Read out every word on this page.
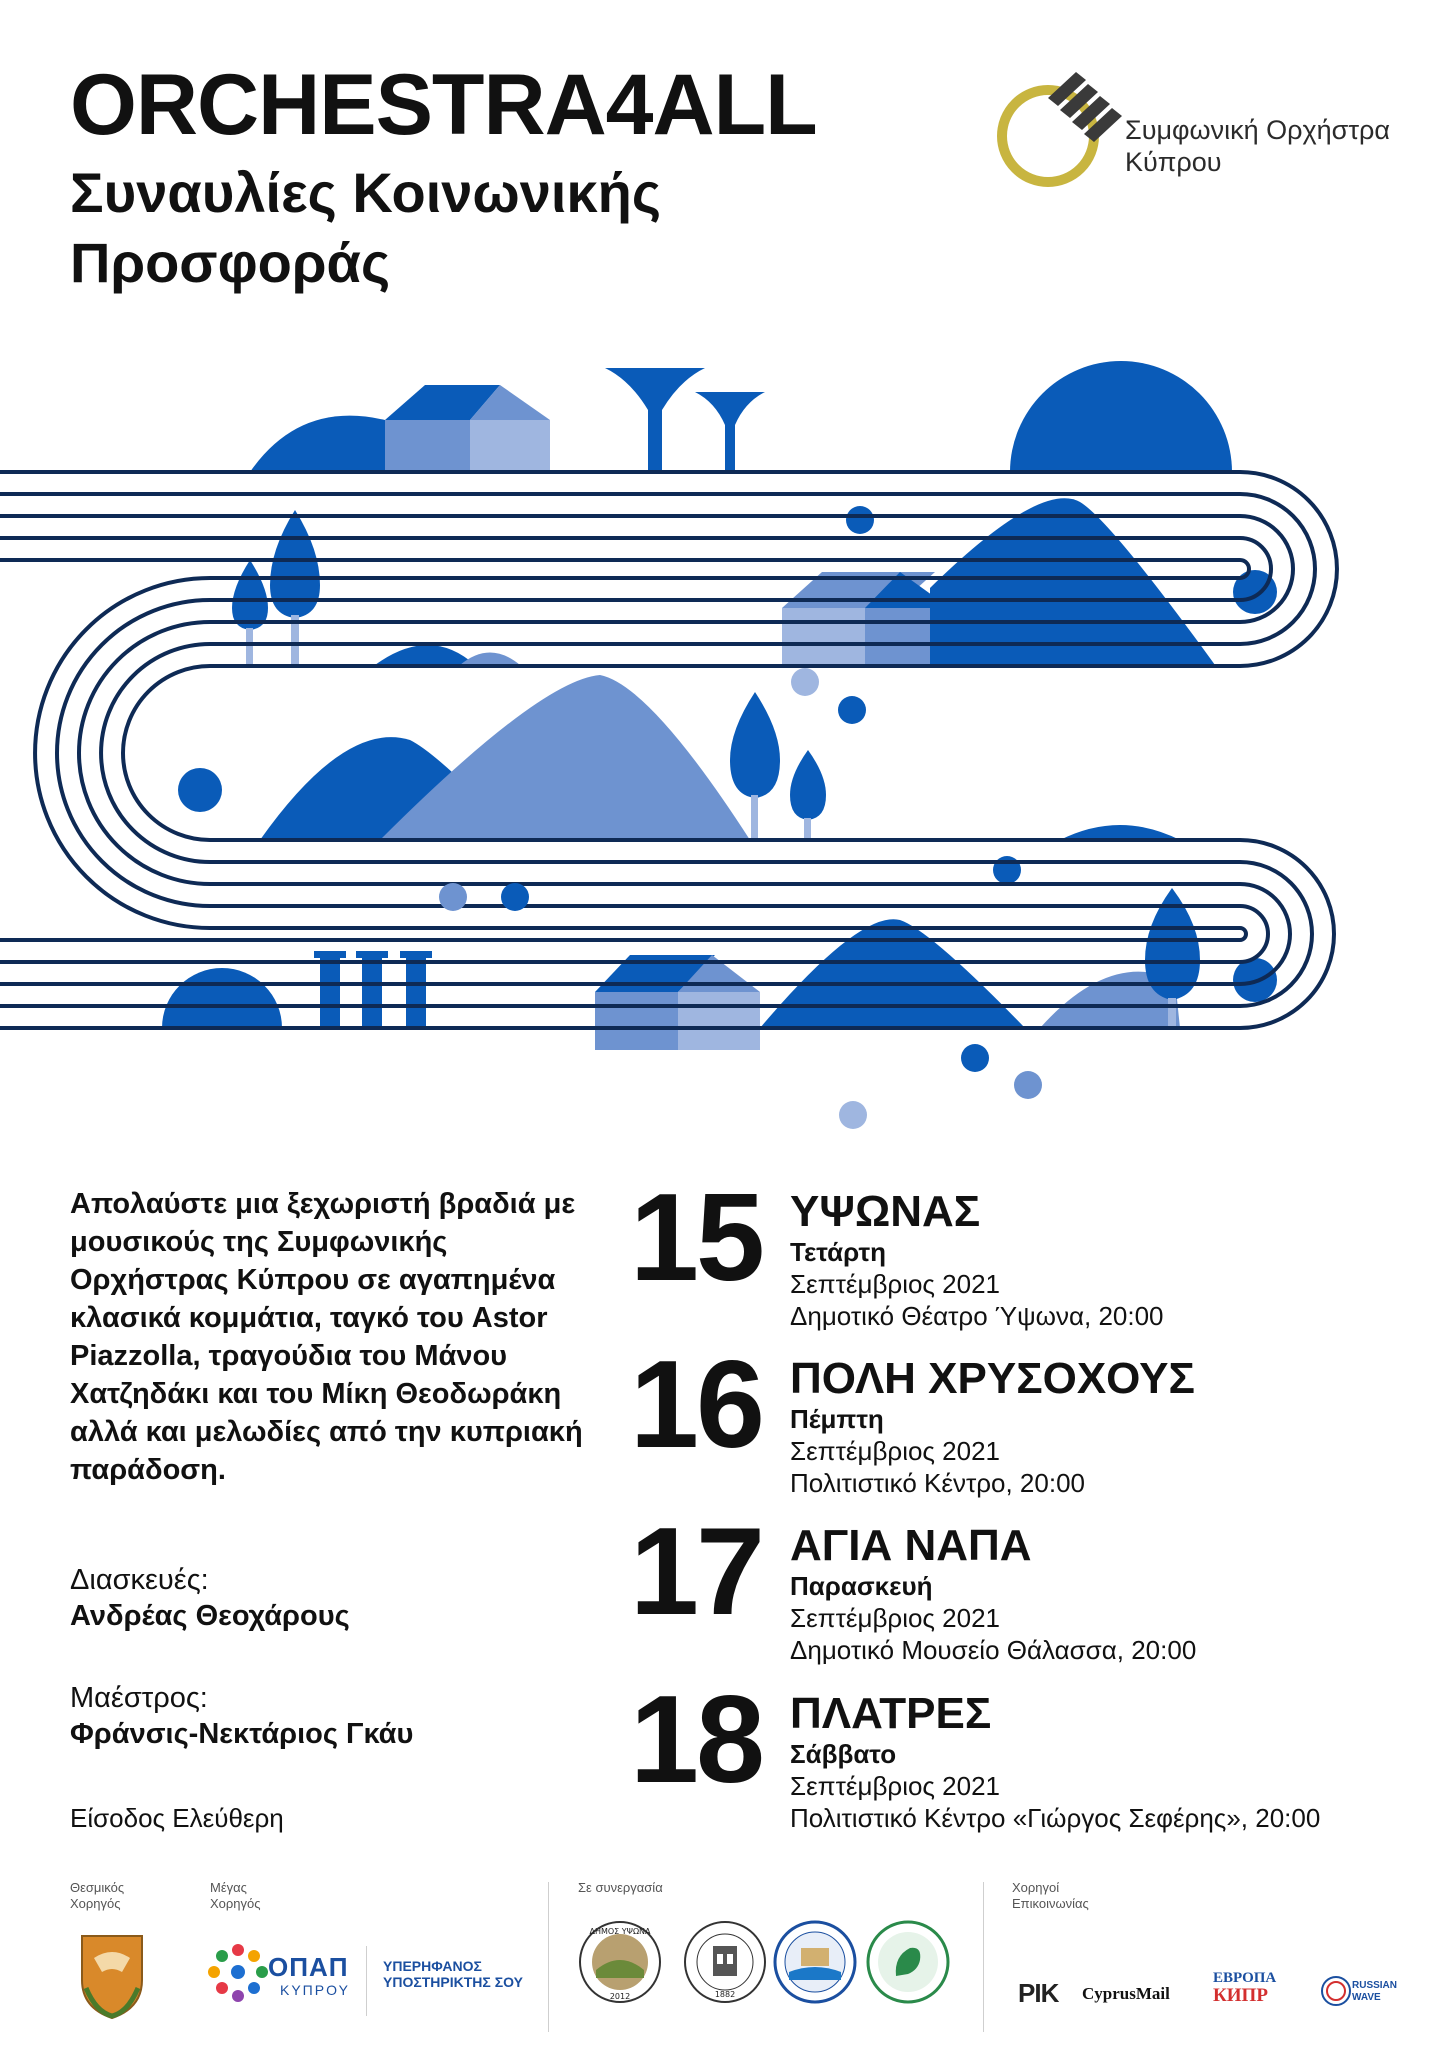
ORCHESTRA4ALL
Συναυλίες Κοινωνικής Προσφοράς
Συμφωνική Ορχήστρα
Κύπρου
Απολαύστε μια ξεχωριστή βραδιά με μουσικούς της Συμφωνικής Ορχήστρας Κύπρου σε αγαπημένα κλασικά κομμάτια, ταγκό του Astor Piazzolla, τραγούδια του Μάνου Χατζηδάκι και του Μίκη Θεοδωράκη αλλά και μελωδίες από την κυπριακή παράδοση.
Διασκευές:
Ανδρέας Θεοχάρους
Μαέστρος:
Φράνσις-Νεκτάριος Γκάυ
Είσοδος Ελεύθερη
15 ΥΨΩΝΑΣ
Τετάρτη
Σεπτέμβριος 2021
Δημοτικό Θέατρο Ύψωνα, 20:00
16 ΠΟΛΗ ΧΡΥΣΟΧΟΥΣ
Πέμπτη
Σεπτέμβριος 2021
Πολιτιστικό Κέντρο, 20:00
17 ΑΓΙΑ ΝΑΠΑ
Παρασκευή
Σεπτέμβριος 2021
Δημοτικό Μουσείο Θάλασσα, 20:00
18 ΠΛΑΤΡΕΣ
Σάββατο
Σεπτέμβριος 2021
Πολιτιστικό Κέντρο «Γιώργος Σεφέρης», 20:00
Θεσμικός Χορηγός
Μέγας Χορηγός
ΟΠΑΠ
ΚΥΠΡΟΥ
ΥΠΕΡΗΦΑΝΟΣ ΥΠΟΣΤΗΡΙΚΤΗΣ ΣΟΥ
Σε συνεργασία
ΔΗΜΟΣ ΥΨΩΝΑ
2012	1882
Χορηγοί Επικοινωνίας
ΡΙΚ CyprusMail
ЕВРОПА
КИПР	RUSSIAN
WAVE
